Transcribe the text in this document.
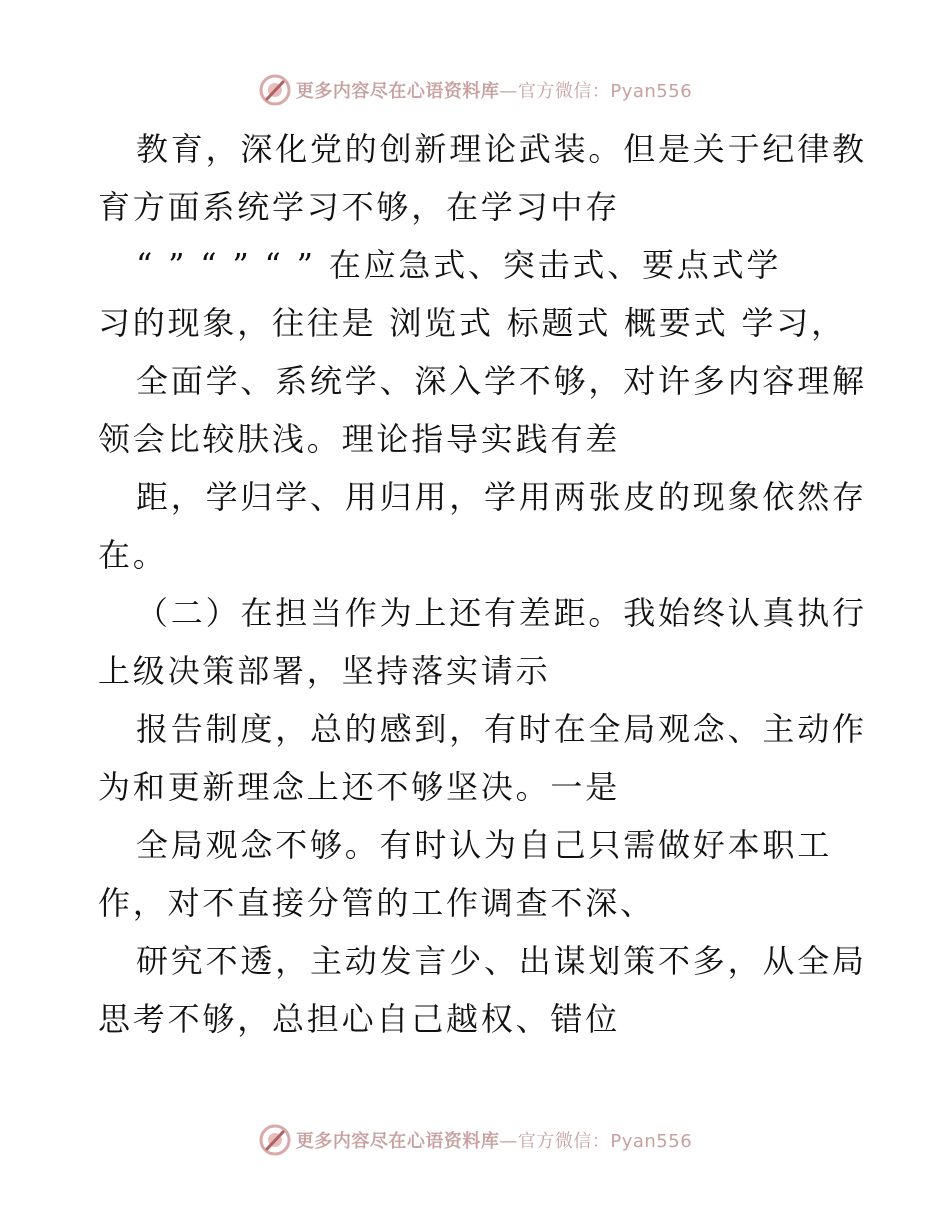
更多内容尽在心语资料库 —官方微信：Pyan556
教育，深化党的创新理论武装。但是关于纪律教
育方面系统学习不够，在学习中存
“ ” “ ” “ ” 在应急式、突击式、要点式学
习的现象，往往是 浏览式 标题式 概要式 学习，
全面学、系统学、深入学不够，对许多内容理解
领会比较肤浅。理论指导实践有差
距，学归学、用归用，学用两张皮的现象依然存
在。
（二）在担当作为上还有差距。我始终认真执行
上级决策部署，坚持落实请示
报告制度，总的感到，有时在全局观念、主动作
为和更新理念上还不够坚决。一是
全局观念不够。有时认为自己只需做好本职工
作，对不直接分管的工作调查不深、
研究不透，主动发言少、出谋划策不多，从全局
思考不够，总担心自己越权、错位
更多内容尽在心语资料库 —官方微信：Pyan556
